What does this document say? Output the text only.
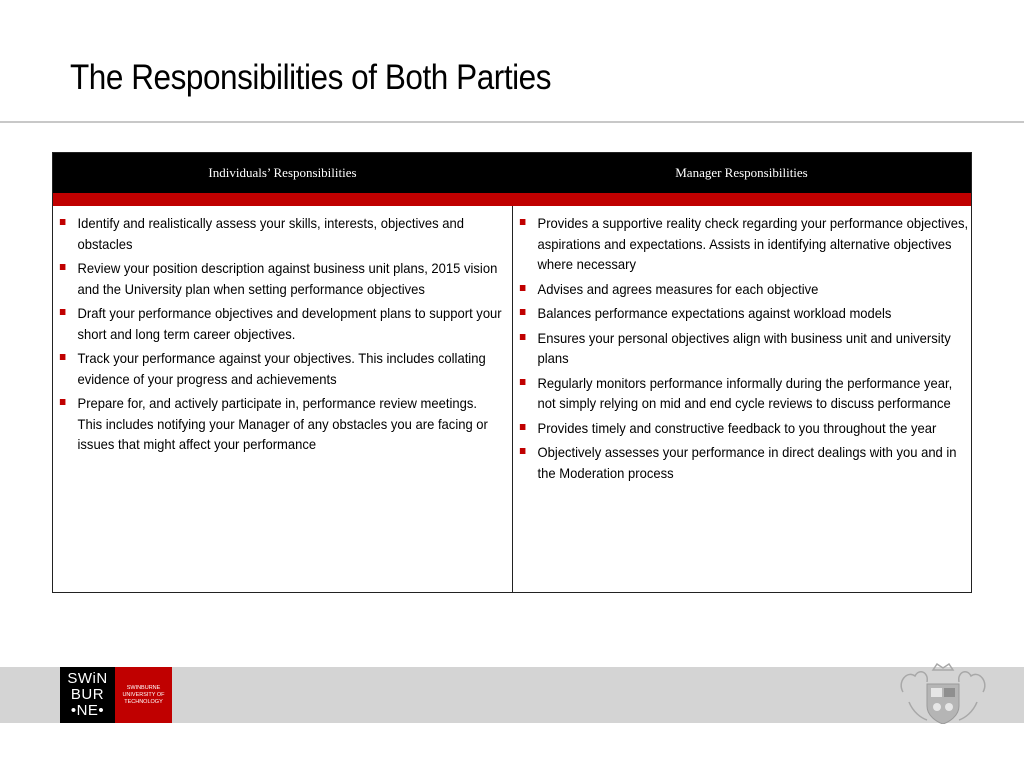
The Responsibilities of Both Parties
Individuals’ Responsibilities	Manager Responsibilities
Identify and realistically assess your skills, interests, objectives and obstacles
Review your position description against business unit plans, 2015 vision and the University plan when setting performance objectives
Draft your performance objectives and development plans to support your short and long term career objectives.
Track your performance against your objectives. This includes collating evidence of your progress and achievements
Prepare for, and actively participate in, performance review meetings. This includes notifying your Manager of any obstacles you are facing or issues that might affect your performance
Provides a supportive reality check regarding your performance objectives, aspirations and expectations. Assists in identifying alternative objectives where necessary
Advises and agrees measures for each objective
Balances performance expectations against workload models
Ensures your personal objectives align with business unit and university plans
Regularly monitors performance informally during the performance year, not simply relying on mid and end cycle reviews to discuss performance
Provides timely and constructive feedback to you throughout the year
Objectively assesses your performance in direct dealings with you and in the Moderation process
SWiN
BUR
•NE•
SWINBURNE
UNIVERSITY OF
TECHNOLOGY
